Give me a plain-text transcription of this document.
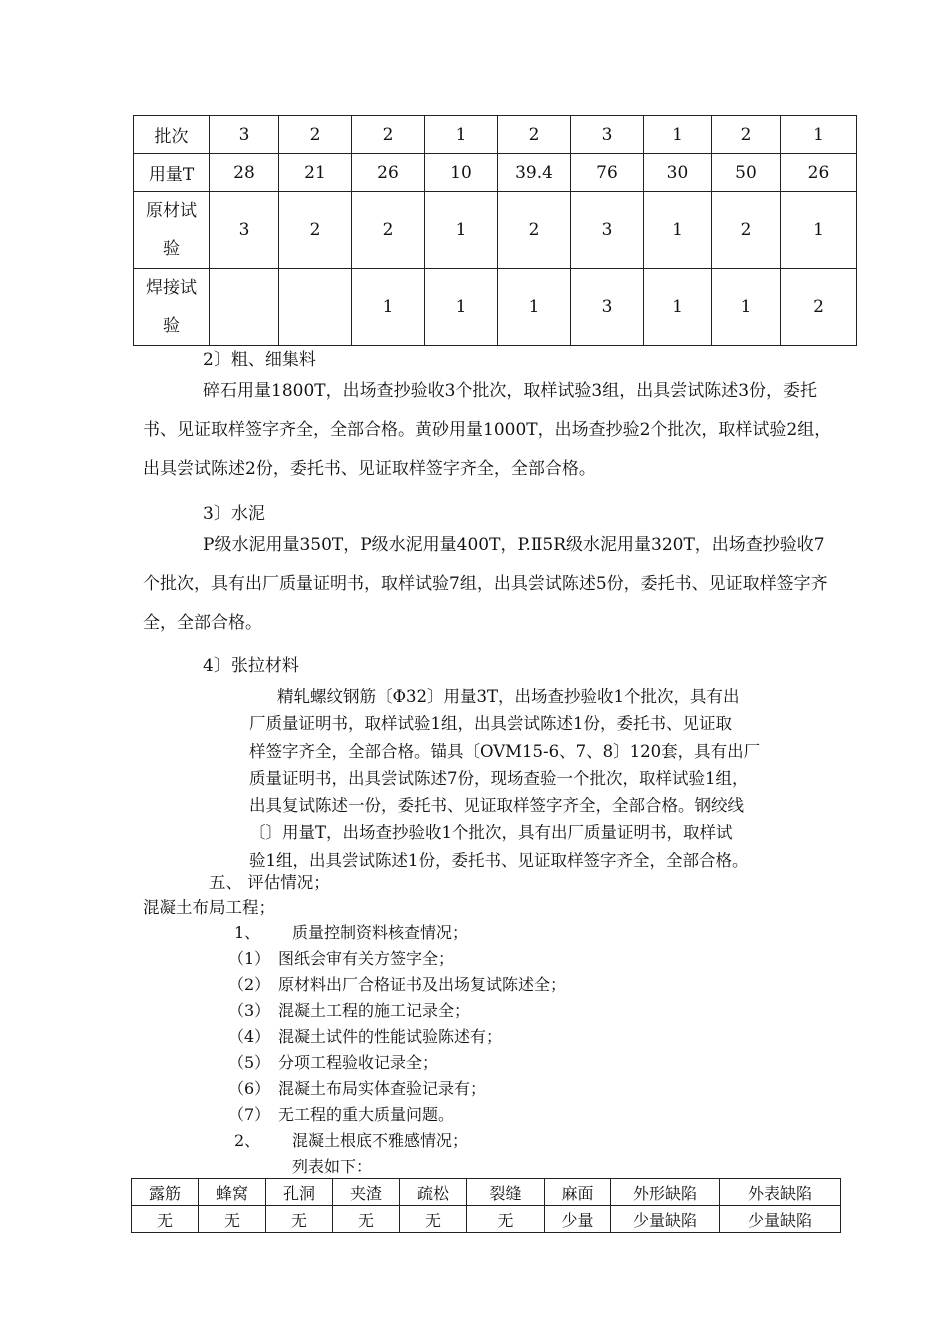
批次	3	2	2	1	2	3	1	2	1
用量T	28	21	26	10	39.4	76	30	50	26
原材试
验	3	2	2	1	2	3	1	2	1
焊接试
验			1	1	1	3	1	1	2
2〕粗、细集料
碎石用量1800T，出场查抄验收3个批次，取样试验3组，出具尝试陈述3份，委托书、见证取样签字齐全，全部合格。黄砂用量1000T，出场查抄验2个批次，取样试验2组，出具尝试陈述2份，委托书、见证取样签字齐全，全部合格。
3〕水泥
P级水泥用量350T，P级水泥用量400T，P.Ⅱ5R级水泥用量320T，出场查抄验收7个批次，具有出厂质量证明书，取样试验7组，出具尝试陈述5份，委托书、见证取样签字齐全，全部合格。
4〕张拉材料
精轧螺纹钢筋〔Φ32〕用量3T，出场查抄验收1个批次，具有出
厂质量证明书，取样试验1组，出具尝试陈述1份，委托书、见证取
样签字齐全，全部合格。锚具〔OVM15-6、7、8〕120套，具有出厂
质量证明书，出具尝试陈述7份，现场查验一个批次，取样试验1组，
出具复试陈述一份，委托书、见证取样签字齐全，全部合格。钢绞线
〔〕用量T，出场查抄验收1个批次，具有出厂质量证明书，取样试
验1组，出具尝试陈述1份，委托书、见证取样签字齐全，全部合格。
五、 评估情况；
混凝土布局工程；
1、 质量控制资料核查情况；
（1） 图纸会审有关方签字全；
（2） 原材料出厂合格证书及出场复试陈述全；
（3） 混凝土工程的施工记录全；
（4） 混凝土试件的性能试验陈述有；
（5） 分项工程验收记录全；
（6） 混凝土布局实体查验记录有；
（7） 无工程的重大质量问题。
2、 混凝土根底不雅感情况；
列表如下：
露筋	蜂窝	孔洞	夹渣	疏松	裂缝	麻面	外形缺陷	外表缺陷
无	无	无	无	无	无	少量	少量缺陷	少量缺陷
